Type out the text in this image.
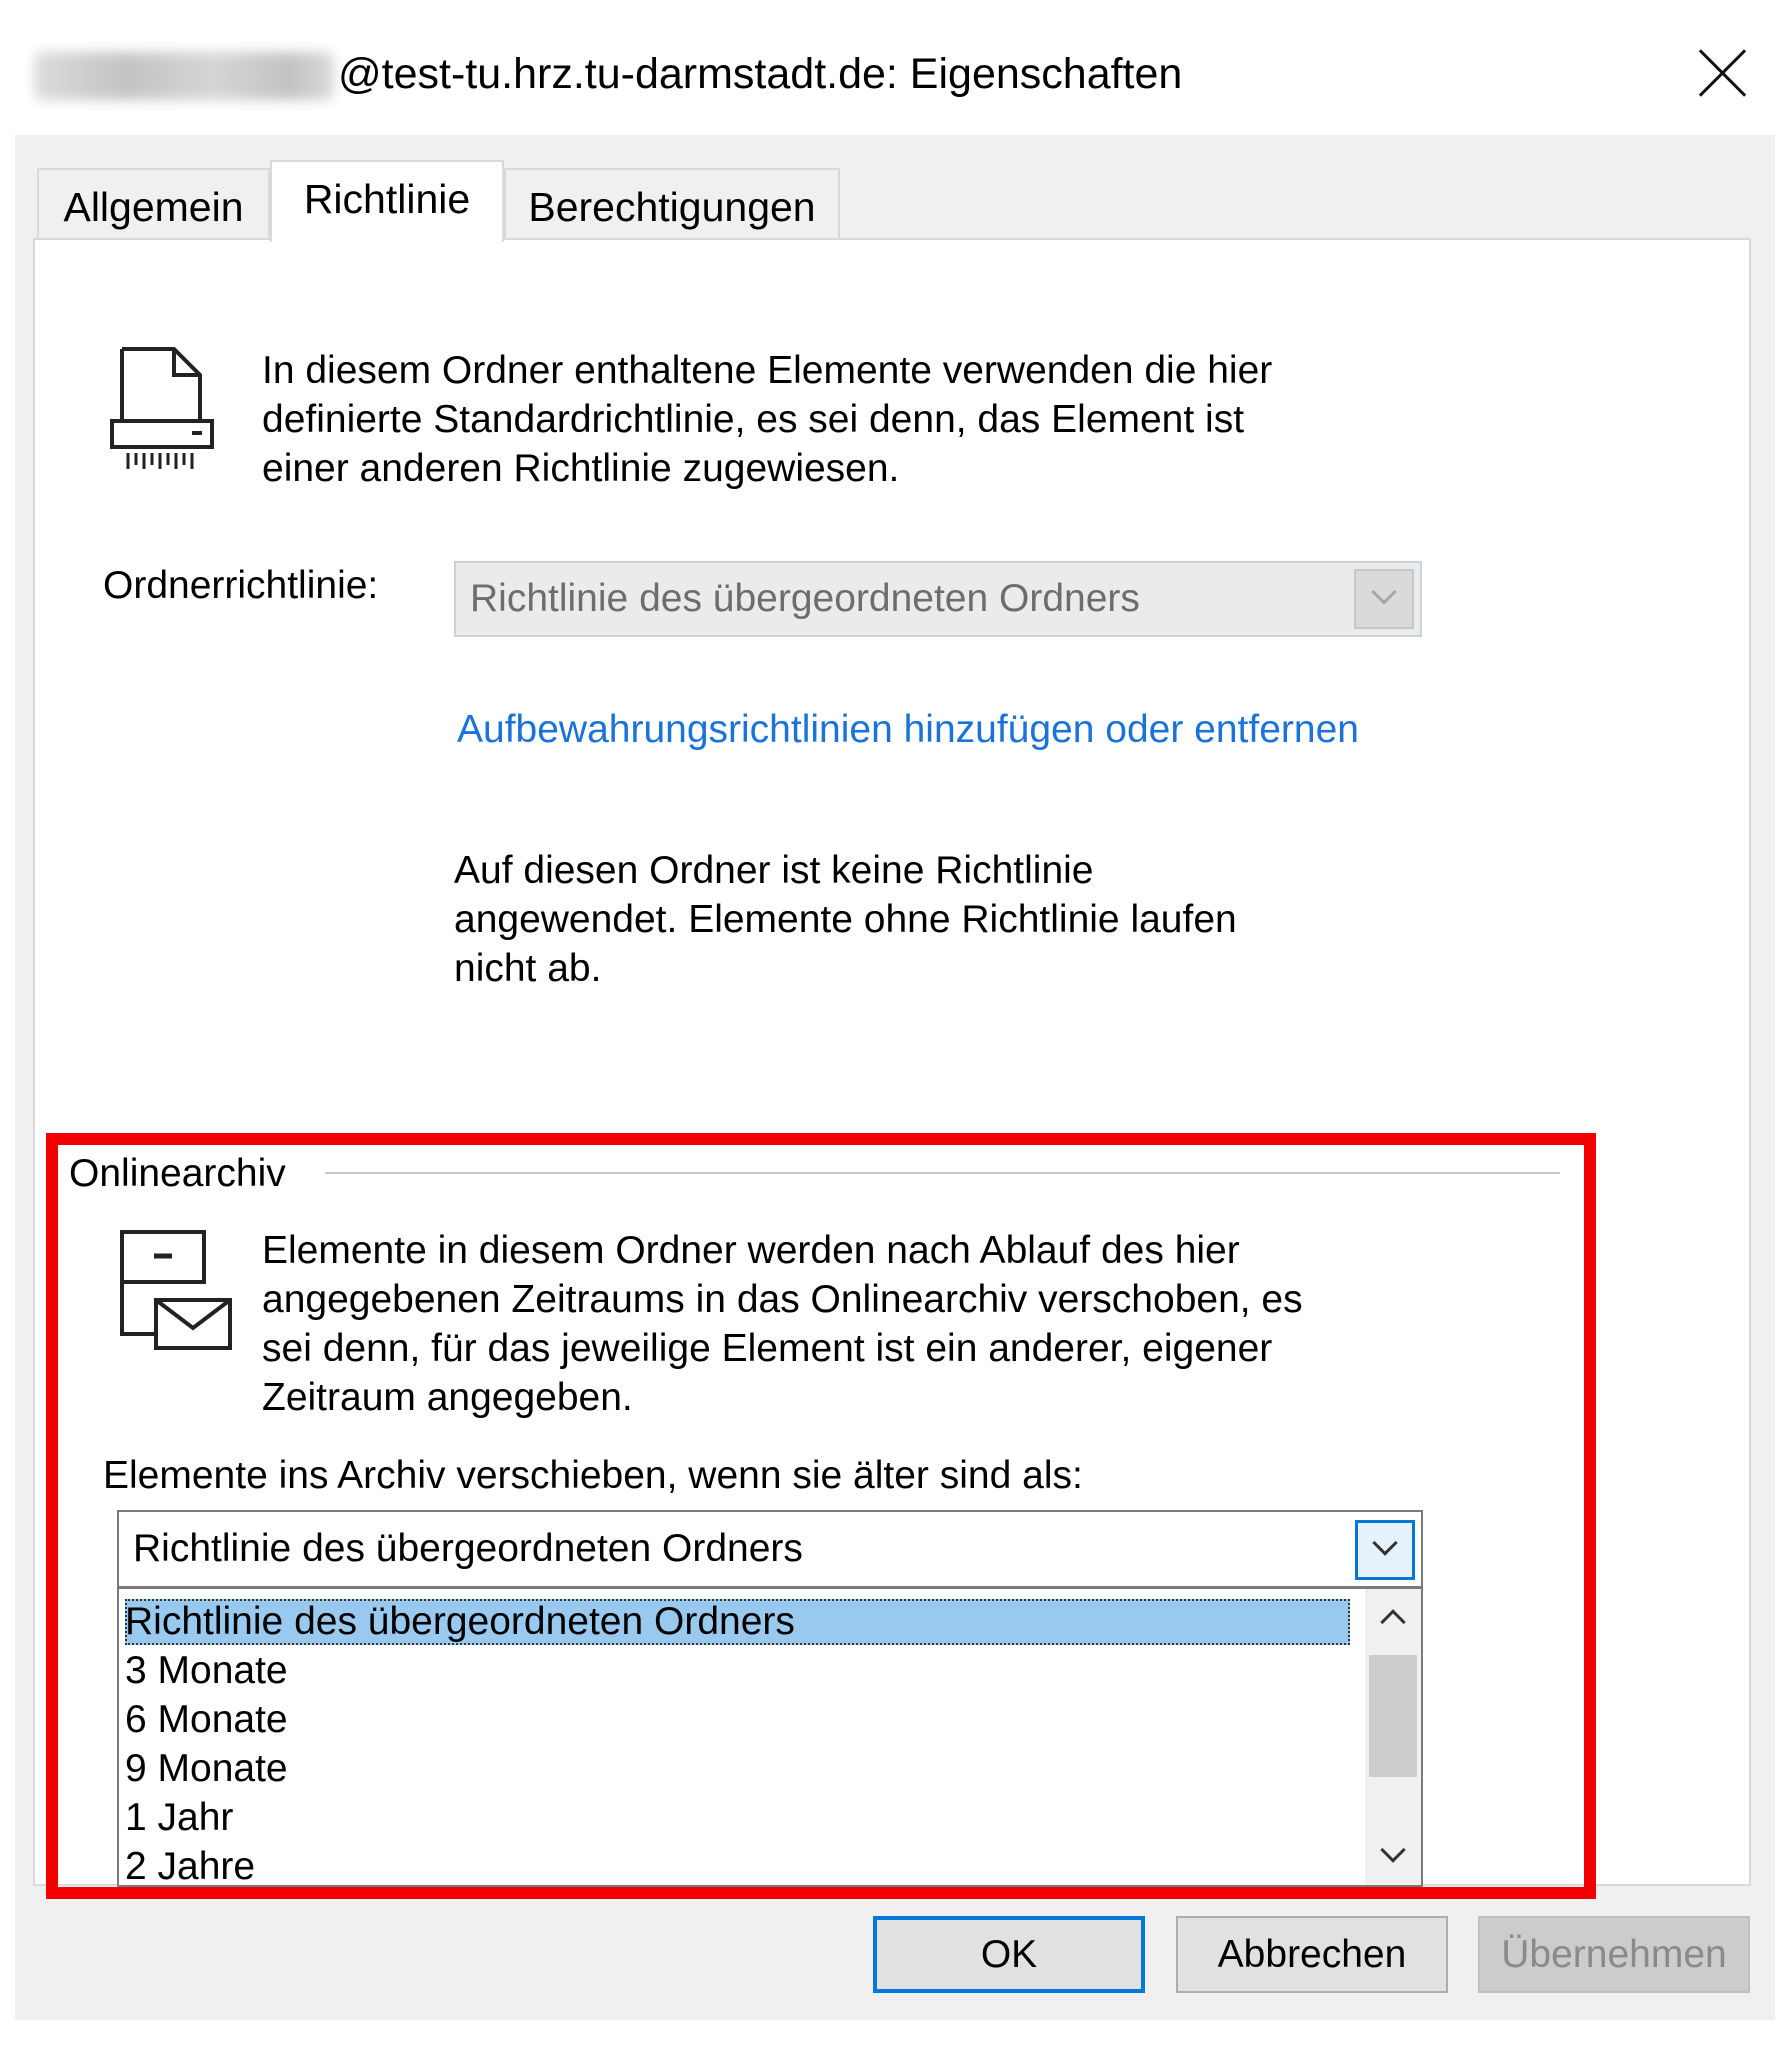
@test-tu.hrz.tu-darmstadt.de: Eigenschaften
Allgemein	Richtlinie	Berechtigungen
In diesem Ordner enthaltene Elemente verwenden die hier
definierte Standardrichtlinie, es sei denn, das Element ist
einer anderen Richtlinie zugewiesen.
Ordnerrichtlinie: Richtlinie des übergeordneten Ordners
Aufbewahrungsrichtlinien hinzufügen oder entfernen
Auf diesen Ordner ist keine Richtlinie
angewendet. Elemente ohne Richtlinie laufen
nicht ab.
Onlinearchiv
Elemente in diesem Ordner werden nach Ablauf des hier
angegebenen Zeitraums in das Onlinearchiv verschoben, es
sei denn, für das jeweilige Element ist ein anderer, eigener
Zeitraum angegeben.
Elemente ins Archiv verschieben, wenn sie älter sind als:
Richtlinie des übergeordneten Ordners
Richtlinie des übergeordneten Ordners
3 Monate
6 Monate
9 Monate
1 Jahr
2 Jahre
OK	Abbrechen	Übernehmen
